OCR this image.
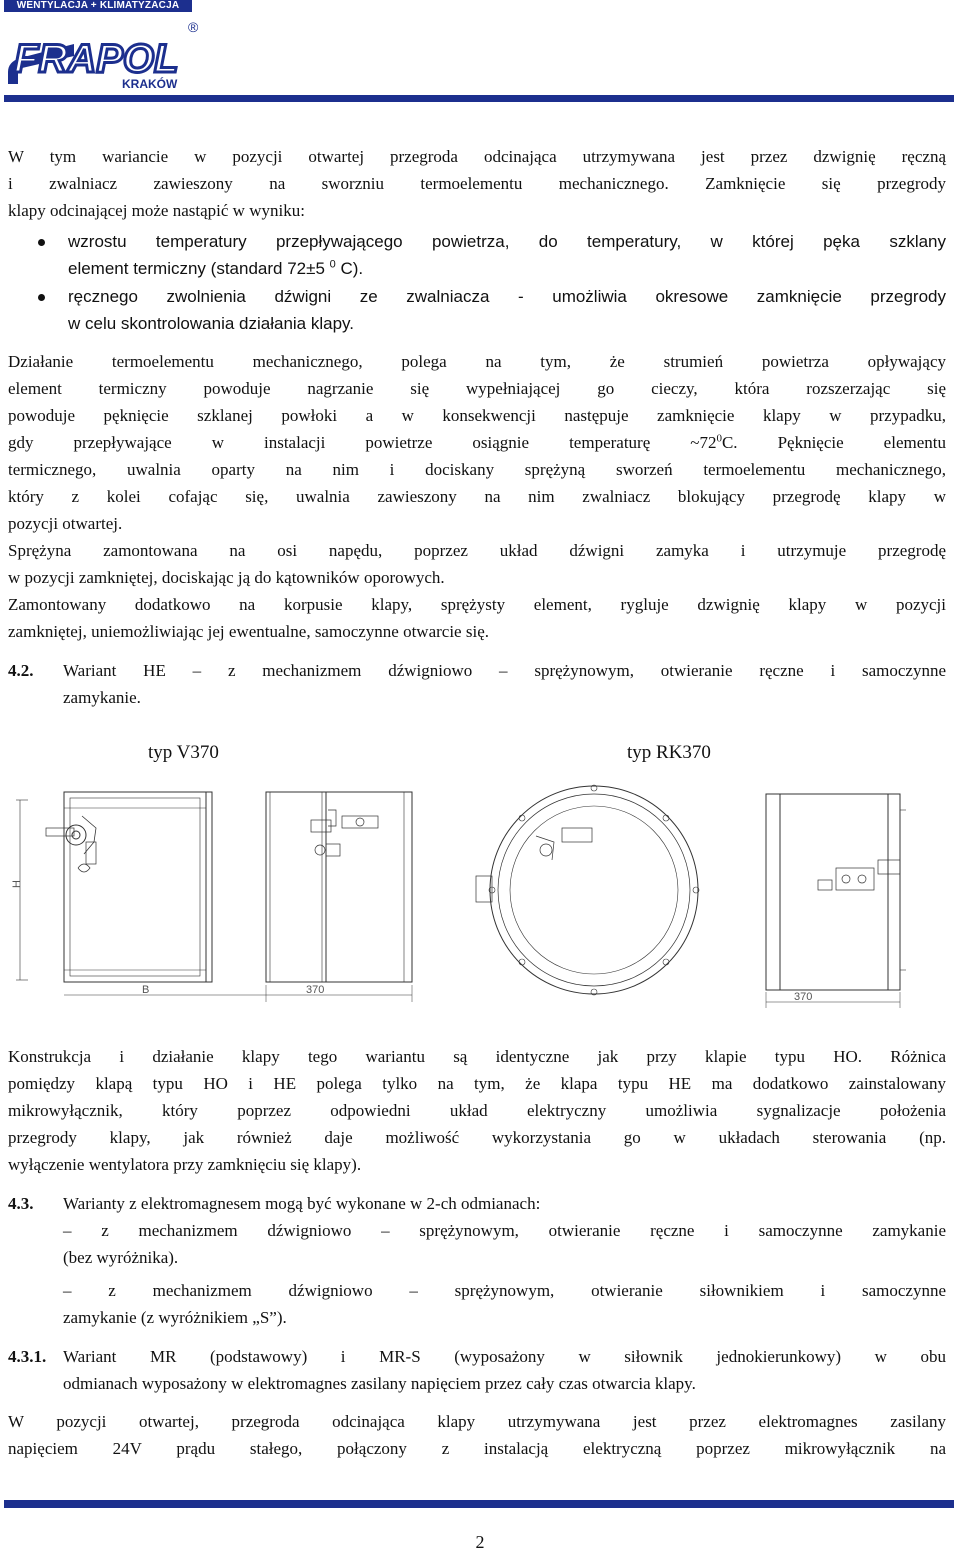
WENTYLACJA + KLIMATYZACJA
FRAPOL
®
KRAKÓW
W tym wariancie w pozycji otwartej przegroda odcinająca utrzymywana jest przez dzwignię ręczną
i zwalniacz zawieszony na sworzniu termoelementu mechanicznego. Zamknięcie się przegrody
klapy odcinającej może nastąpić w wyniku:
wzrostu temperatury przepływającego powietrza, do temperatury, w której pęka szklany
element termiczny (standard 72±5 $^0$ C).
ręcznego zwolnienia dźwigni ze zwalniacza - umożliwia okresowe zamknięcie przegrody
w celu skontrolowania działania klapy.
Działanie termoelementu mechanicznego, polega na tym, że strumień powietrza opływający
element termiczny powoduje nagrzanie się wypełniającej go cieczy, która rozszerzając się
powoduje pęknięcie szklanej powłoki a w konsekwencji następuje zamknięcie klapy w przypadku,
gdy przepływające w instalacji powietrze osiągnie temperaturę $\sim 72^0C$. Pęknięcie elementu
termicznego, uwalnia oparty na nim i dociskany sprężyną sworzeń termoelementu mechanicznego,
który z kolei cofając się, uwalnia zawieszony na nim zwalniacz blokujący przegrodę klapy w
pozycji otwartej.
Sprężyna zamontowana na osi napędu, poprzez układ dźwigni zamyka i utrzymuje przegrodę
w pozycji zamkniętej, dociskając ją do kątowników oporowych.
Zamontowany dodatkowo na korpusie klapy, sprężysty element, rygluje dzwignię klapy w pozycji
zamkniętej, uniemożliwiając jej ewentualne, samoczynne otwarcie się.
4.2. Wariant HE – z mechanizmem dźwigniowo – sprężynowym, otwieranie ręczne i samoczynne
zamykanie.
typ V370	typ RK370
H
B	370
370
Konstrukcja i działanie klapy tego wariantu są identyczne jak przy klapie typu HO. Różnica
pomiędzy klapą typu HO i HE polega tylko na tym, że klapa typu HE ma dodatkowo zainstalowany
mikrowyłącznik, który poprzez odpowiedni układ elektryczny umożliwia sygnalizacje położenia
przegrody klapy, jak również daje możliwość wykorzystania go w układach sterowania (np.
wyłączenie wentylatora przy zamknięciu się klapy).
4.3. Warianty z elektromagnesem mogą być wykonane w 2-ch odmianach:
– z mechanizmem dźwigniowo – sprężynowym, otwieranie ręczne i samoczynne zamykanie
(bez wyróżnika).
– z mechanizmem dźwigniowo – sprężynowym, otwieranie siłownikiem i samoczynne
zamykanie (z wyróżnikiem „S”).
4.3.1. Wariant MR (podstawowy) i MR-S (wyposażony w siłownik jednokierunkowy) w obu
odmianach wyposażony w elektromagnes zasilany napięciem przez cały czas otwarcia klapy.
W pozycji otwartej, przegroda odcinająca klapy utrzymywana jest przez elektromagnes zasilany
napięciem 24V prądu stałego, połączony z instalacją elektryczną poprzez mikrowyłącznik na
2
